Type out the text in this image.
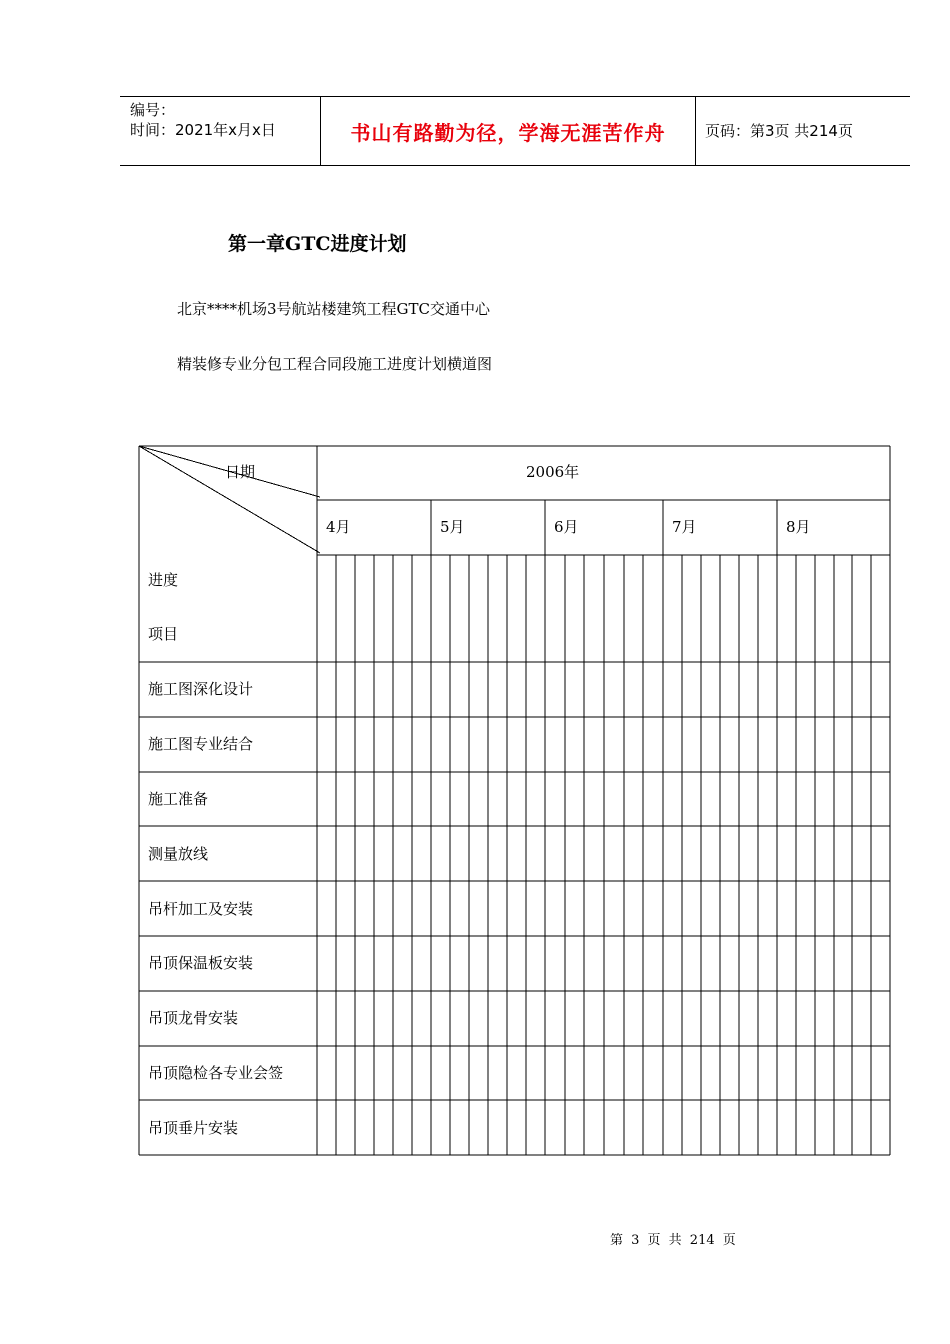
编号：
时间：2021年x月x日	书山有路勤为径，学海无涯苦作舟	页码：第3页 共214页
第一章GTC进度计划
北京****机场3号航站楼建筑工程GTC交通中心
精装修专业分包工程合同段施工进度计划横道图
日期
进度
项目
2006年
4月	5月	6月	7月	8月
施工图深化设计
施工图专业结合
施工准备
测量放线
吊杆加工及安装
吊顶保温板安装
吊顶龙骨安装
吊顶隐检各专业会签
吊顶垂片安装
第 3 页 共 214 页
